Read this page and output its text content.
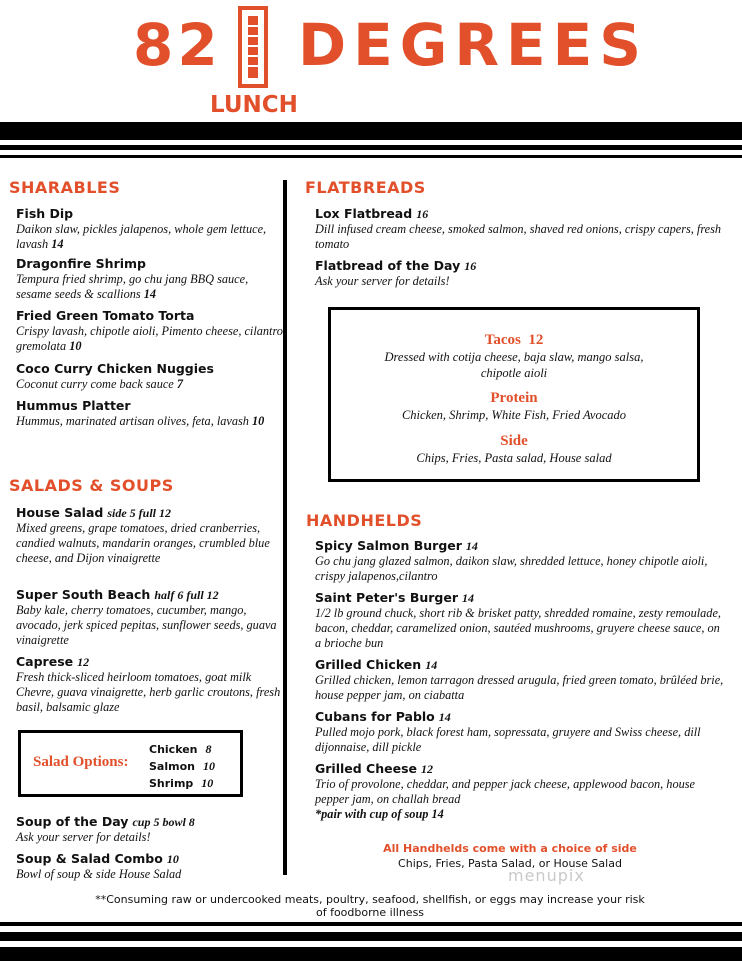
82 DEGREES
LUNCH
SHARABLES
Fish Dip
Daikon slaw, pickles jalapenos, whole gem lettuce, lavash 14
Dragonfire Shrimp
Tempura fried shrimp, go chu jang BBQ sauce, sesame seeds & scallions 14
Fried Green Tomato Torta
Crispy lavash, chipotle aioli, Pimento cheese, cilantro gremolata 10
Coco Curry Chicken Nuggies
Coconut curry come back sauce 7
Hummus Platter
Hummus, marinated artisan olives, feta, lavash 10
SALADS & SOUPS
House Salad side 5 full 12
Mixed greens, grape tomatoes, dried cranberries, candied walnuts, mandarin oranges, crumbled blue cheese, and Dijon vinaigrette
Super South Beach half 6 full 12
Baby kale, cherry tomatoes, cucumber, mango, avocado, jerk spiced pepitas, sunflower seeds, guava vinaigrette
Caprese 12
Fresh thick-sliced heirloom tomatoes, goat milk Chevre, guava vinaigrette, herb garlic croutons, fresh basil, balsamic glaze
Salad Options:
Chicken 8
Salmon 10
Shrimp 10
Soup of the Day cup 5 bowl 8
Ask your server for details!
Soup & Salad Combo 10
Bowl of soup & side House Salad
FLATBREADS
Lox Flatbread 16
Dill infused cream cheese, smoked salmon, shaved red onions, crispy capers, fresh tomato
Flatbread of the Day 16
Ask your server for details!
Tacos 12
Dressed with cotija cheese, baja slaw, mango salsa, chipotle aioli
Protein
Chicken, Shrimp, White Fish, Fried Avocado
Side
Chips, Fries, Pasta salad, House salad
HANDHELDS
Spicy Salmon Burger 14
Go chu jang glazed salmon, daikon slaw, shredded lettuce, honey chipotle aioli, crispy jalapenos,cilantro
Saint Peter's Burger 14
1/2 lb ground chuck, short rib & brisket patty, shredded romaine, zesty remoulade, bacon, cheddar, caramelized onion, sautéed mushrooms, gruyere cheese sauce, on a brioche bun
Grilled Chicken 14
Grilled chicken, lemon tarragon dressed arugula, fried green tomato, brûléed brie, house pepper jam, on ciabatta
Cubans for Pablo 14
Pulled mojo pork, black forest ham, sopressata, gruyere and Swiss cheese, dill dijonnaise, dill pickle
Grilled Cheese 12
Trio of provolone, cheddar, and pepper jack cheese, applewood bacon, house pepper jam, on challah bread
*pair with cup of soup 14
All Handhelds come with a choice of side
Chips, Fries, Pasta Salad, or House Salad
menupix
**Consuming raw or undercooked meats, poultry, seafood, shellfish, or eggs may increase your risk
of foodborne illness
